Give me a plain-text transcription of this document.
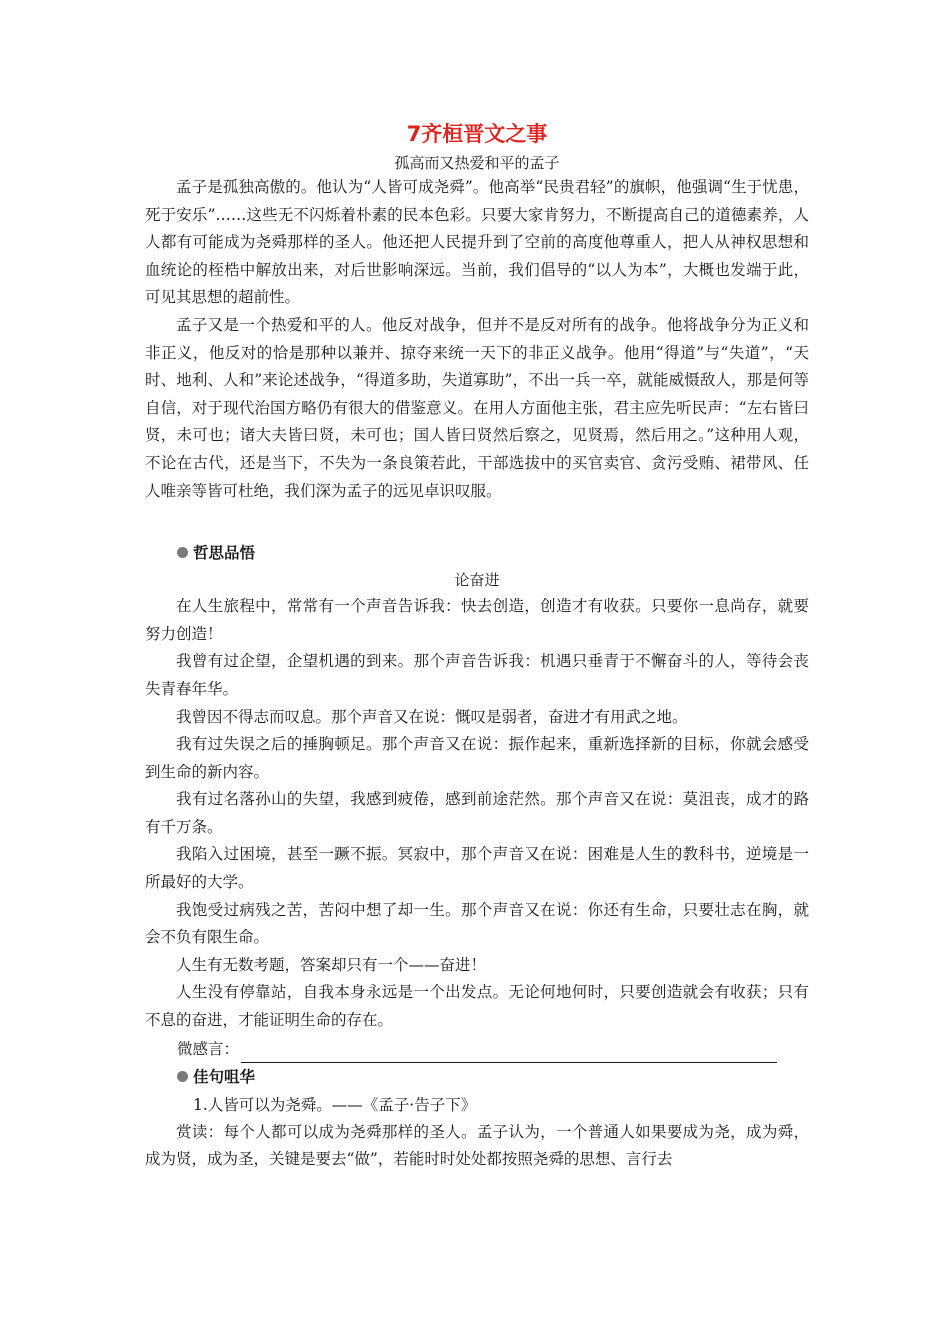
7齐桓晋文之事
孤高而又热爱和平的孟子

孟子是孤独高傲的。他认为“人皆可成尧舜”。他高举“民贵君轻”的旗帜，他强调“生于忧患，死于安乐”……这些无不闪烁着朴素的民本色彩。只要大家肯努力，不断提高自己的道德素养，人人都有可能成为尧舜那样的圣人。他还把人民提升到了空前的高度他尊重人，把人从神权思想和血统论的桎梏中解放出来，对后世影响深远。当前，我们倡导的“以人为本”，大概也发端于此，可见其思想的超前性。

孟子又是一个热爱和平的人。他反对战争，但并不是反对所有的战争。他将战争分为正义和非正义，他反对的恰是那种以兼并、掠夺来统一天下的非正义战争。他用“得道”与“失道”，“天时、地利、人和”来论述战争，“得道多助，失道寡助”，不出一兵一卒，就能威慑敌人，那是何等自信，对于现代治国方略仍有很大的借鉴意义。在用人方面他主张，君主应先听民声：“左右皆曰贤，未可也；诸大夫皆曰贤，未可也；国人皆曰贤然后察之，见贤焉，然后用之。”这种用人观，不论在古代，还是当下，不失为一条良策若此，干部选拔中的买官卖官、贪污受贿、裙带风、任人唯亲等皆可杜绝，我们深为孟子的远见卓识叹服。

哲思品悟
论奋进

在人生旅程中，常常有一个声音告诉我：快去创造，创造才有收获。只要你一息尚存，就要努力创造！

我曾有过企望，企望机遇的到来。那个声音告诉我：机遇只垂青于不懈奋斗的人，等待会丧失青春年华。

我曾因不得志而叹息。那个声音又在说：慨叹是弱者，奋进才有用武之地。

我有过失误之后的捶胸顿足。那个声音又在说：振作起来，重新选择新的目标，你就会感受到生命的新内容。

我有过名落孙山的失望，我感到疲倦，感到前途茫然。那个声音又在说：莫沮丧，成才的路有千万条。

我陷入过困境，甚至一蹶不振。冥寂中，那个声音又在说：困难是人生的教科书，逆境是一所最好的大学。

我饱受过病残之苦，苦闷中想了却一生。那个声音又在说：你还有生命，只要壮志在胸，就会不负有限生命。

人生有无数考题，答案却只有一个——奋进！

人生没有停靠站，自我本身永远是一个出发点。无论何地何时，只要创造就会有收获；只有不息的奋进，才能证明生命的存在。

微感言：
佳句咀华

1.人皆可以为尧舜。——《孟子·告子下》

赏读：每个人都可以成为尧舜那样的圣人。孟子认为，一个普通人如果要成为尧，成为舜，成为贤，成为圣，关键是要去“做”，若能时时处处都按照尧舜的思想、言行去
